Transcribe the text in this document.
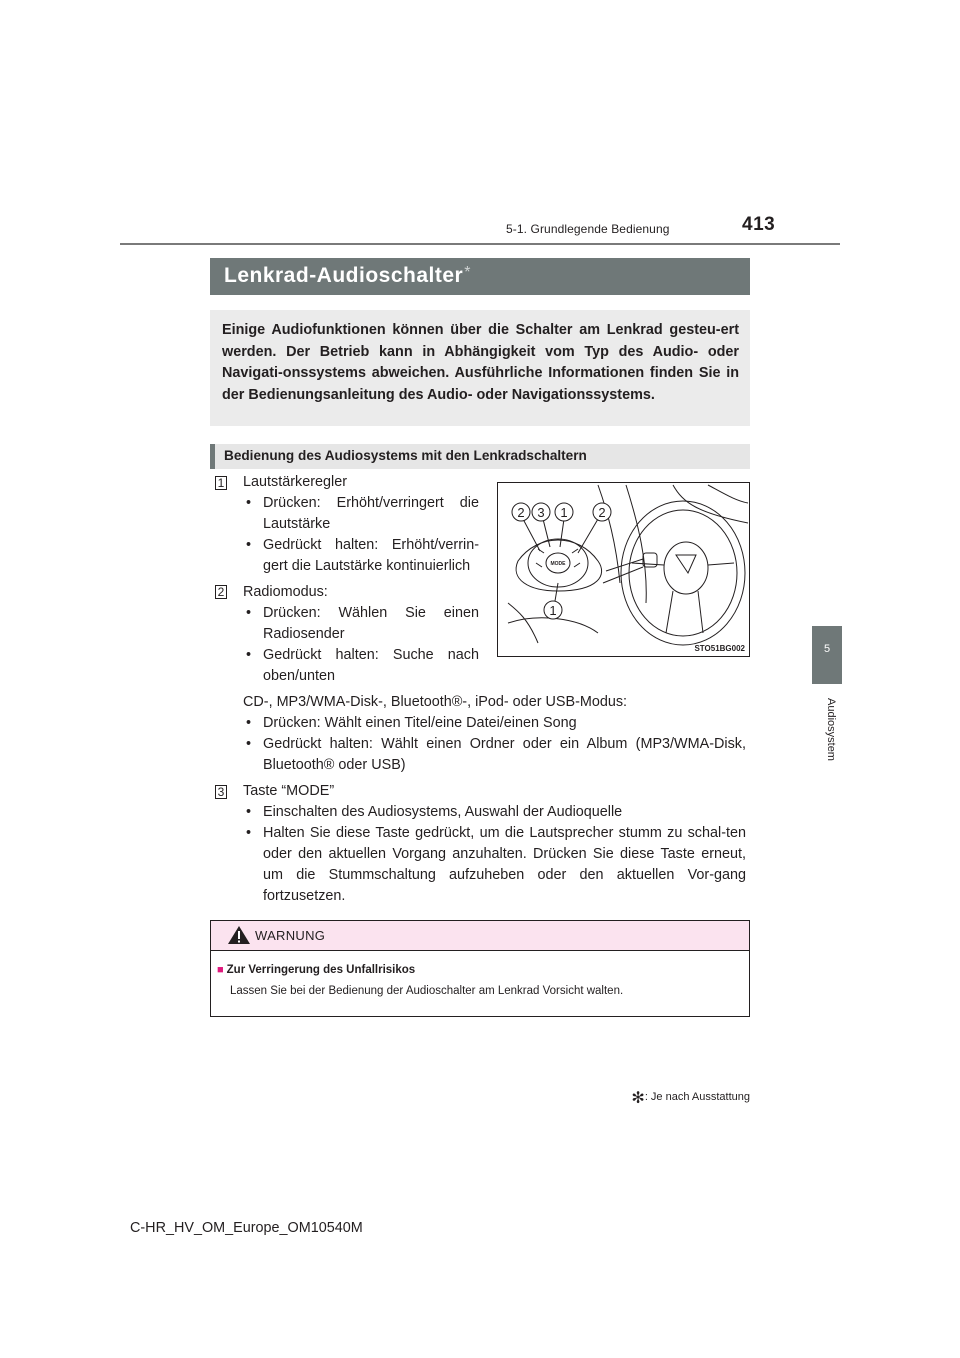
5-1. Grundlegende Bedienung	413
5
Audiosystem
Lenkrad-Audioschalter*
Einige Audiofunktionen können über die Schalter am Lenkrad gesteu-ert werden. Der Betrieb kann in Abhängigkeit vom Typ des Audio- oder Navigati-onssystems abweichen. Ausführliche Informationen finden Sie in der Bedienungsanleitung des Audio- oder Navigationssystems.
Bedienung des Audiosystems mit den Lenkradschaltern
1 Lautstärkeregler
• Drücken: Erhöht/verringert die Lautstärke
• Gedrückt halten: Erhöht/verrin-gert die Lautstärke kontinuierlich
2 Radiomodus:
• Drücken: Wählen Sie einen Radiosender
• Gedrückt halten: Suche nach oben/unten
CD-, MP3/WMA-Disk-, Bluetooth®-, iPod- oder USB-Modus:
• Drücken: Wählt einen Titel/eine Datei/einen Song
• Gedrückt halten: Wählt einen Ordner oder ein Album (MP3/WMA-Disk, Bluetooth® oder USB)
3 Taste “MODE”
• Einschalten des Audiosystems, Auswahl der Audioquelle
• Halten Sie diese Taste gedrückt, um die Lautsprecher stumm zu schal-ten oder den aktuellen Vorgang anzuhalten. Drücken Sie diese Taste erneut, um die Stummschaltung aufzuheben oder den aktuellen Vor-gang fortzusetzen.
MODE
2 3 1 2
1
STO51BG002
WARNUNG
■ Zur Verringerung des Unfallrisikos
Lassen Sie bei der Bedienung der Audioschalter am Lenkrad Vorsicht walten.
✻: Je nach Ausstattung
C-HR_HV_OM_Europe_OM10540M
